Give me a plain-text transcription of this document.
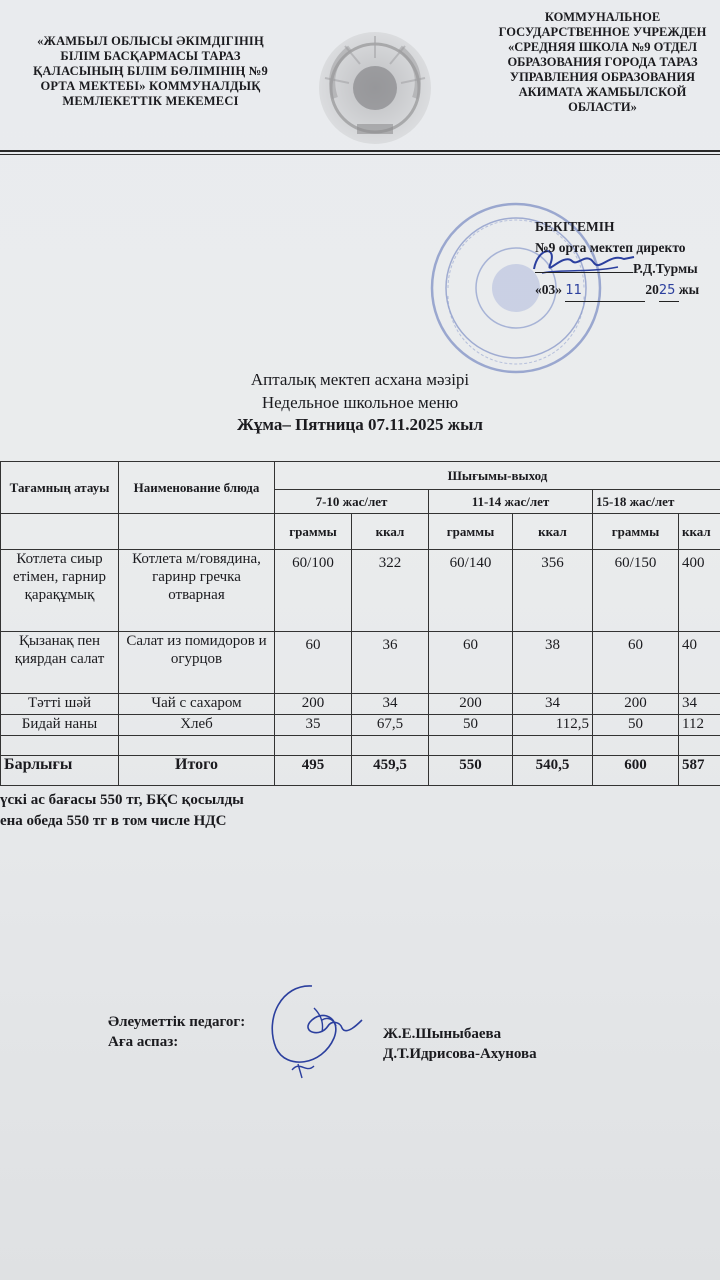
«ЖАМБЫЛ ОБЛЫСЫ ӘКІМДІГІНІҢ
БІЛІМ БАСҚАРМАСЫ ТАРАЗ
ҚАЛАСЫНЫҢ БІЛІМ БӨЛІМІНІҢ №9
ОРТА МЕКТЕБІ» КОММУНАЛДЫҚ
МЕМЛЕКЕТТІК МЕКЕМЕСІ
КОММУНАЛЬНОЕ
ГОСУДАРСТВЕННОЕ УЧРЕЖДЕН
«СРЕДНЯЯ ШКОЛА №9 ОТДЕЛ
ОБРАЗОВАНИЯ ГОРОДА ТАРАЗ
УПРАВЛЕНИЯ ОБРАЗОВАНИЯ
АКИМАТА ЖАМБЫЛСКОЙ
ОБЛАСТИ»
БЕКІТЕМІН
№9 орта мектеп директо
Р.Д.Турмы
«03» 11	2025 жы
Апталық мектеп асхана мәзірі
Недельное школьное меню
Жұма– Пятница 07.11.2025 жыл
Тағамның атауы	Наименование блюда	Шығымы-выход					
		7-10 жас/лет		11-14 жас/лет		15-18 жас/лет	
		граммы	ккал	граммы	ккал	граммы	ккал
Котлета сиыр етімен, гарнир қарақұмық	Котлета м/говядина, гаринр гречка отварная	60/100	322	60/140	356	60/150	400
Қызанақ пен қиярдан салат	Салат из помидоров и огурцов	60	36	60	38	60	40
Тәтті шәй	Чай с сахаром	200	34	200	34	200	34
Бидай наны	Хлеб	35	67,5	50	112,5	50	112

Барлығы	Итого	495	459,5	550	540,5	600	587
үскі ас бағасы 550 тг, БҚС қосылды
ена обеда 550 тг в том числе НДС
Әлеуметтік педагог:
Аға аспаз:	Ж.Е.Шыныбаева
Д.Т.Идрисова-Ахунова
